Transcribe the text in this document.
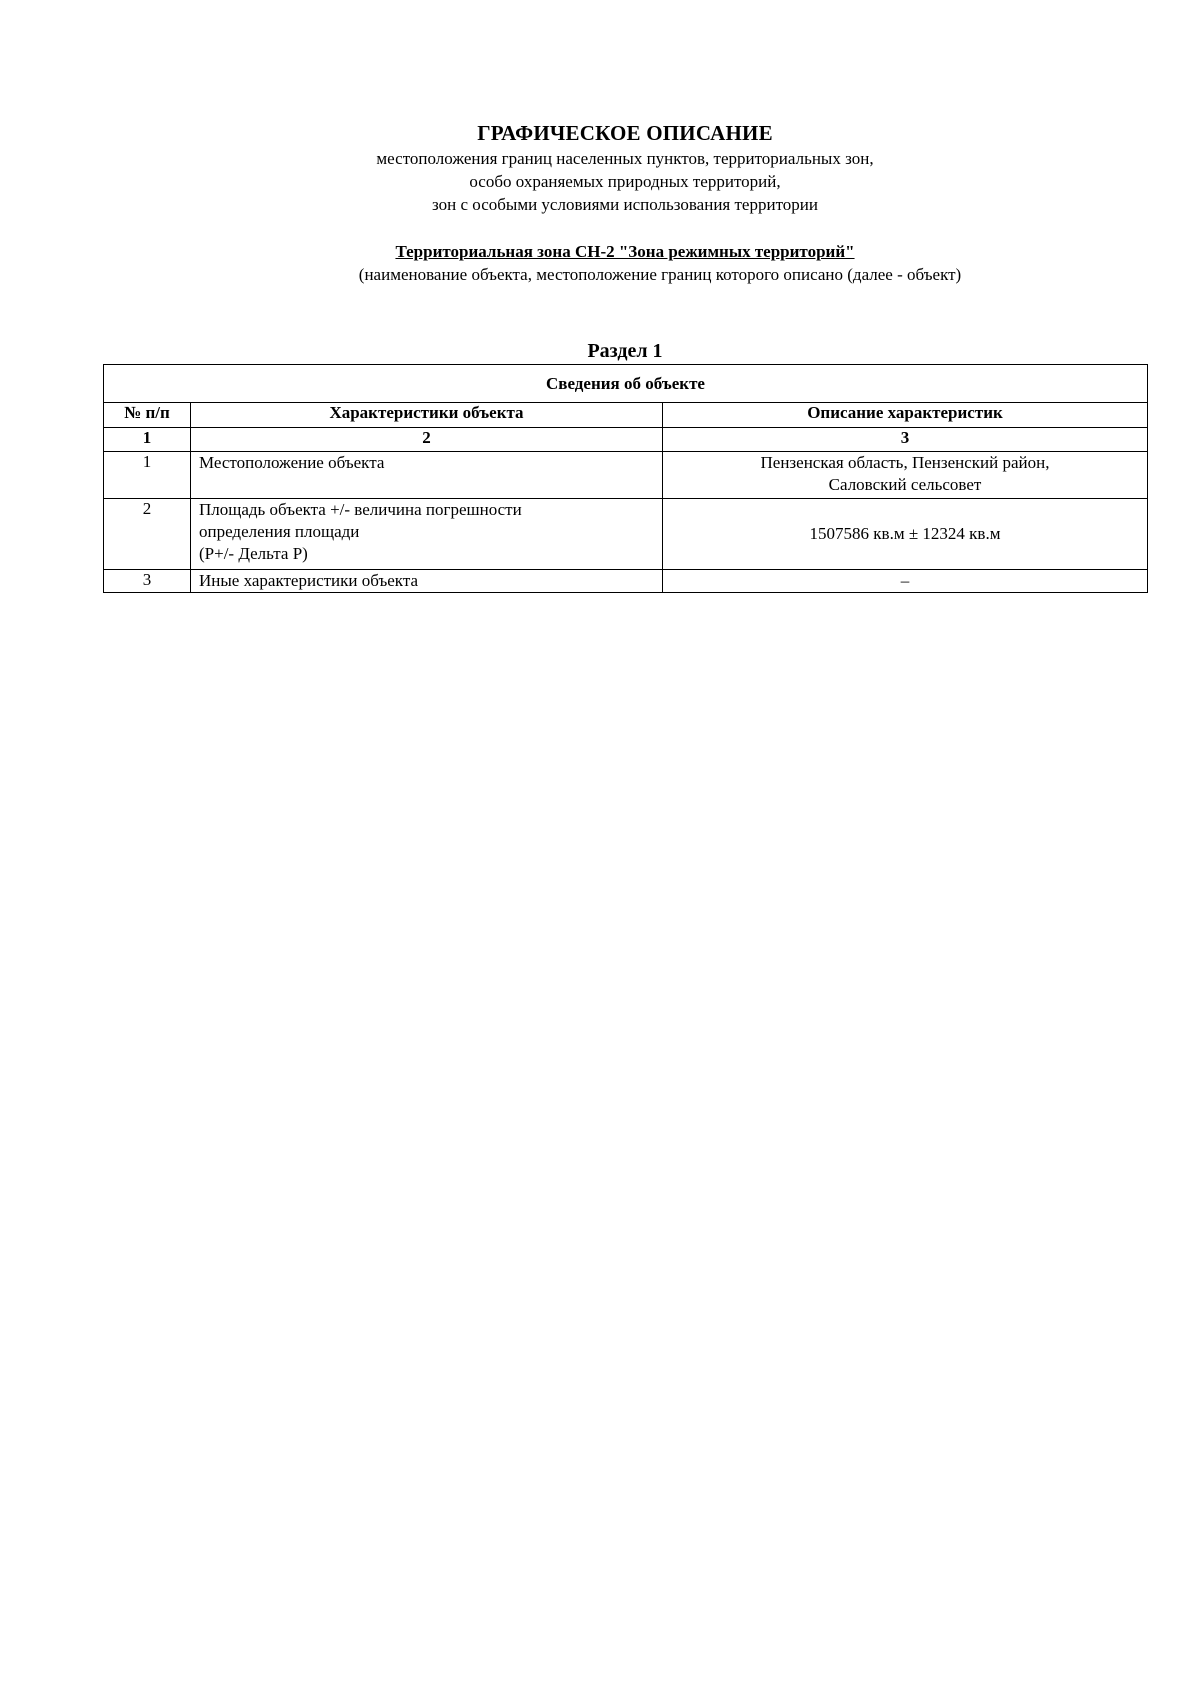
ГРАФИЧЕСКОЕ ОПИСАНИЕ
местоположения границ населенных пунктов, территориальных зон,
особо охраняемых природных территорий,
зон с особыми условиями использования территории
Территориальная зона СН-2 "Зона режимных территорий"
(наименование объекта, местоположение границ которого описано (далее - объект)
Раздел 1
Сведения об объекте		
№ п/п	Характеристики объекта	Описание характеристик
1	2	3
1	Местоположение объекта	Пензенская область, Пензенский район,
Саловский сельсовет

2	Площадь объекта +/- величина погрешности
определения площади
(P+/- Дельта P)	1507586 кв.м ± 12324 кв.м

3	Иные характеристики объекта	–
